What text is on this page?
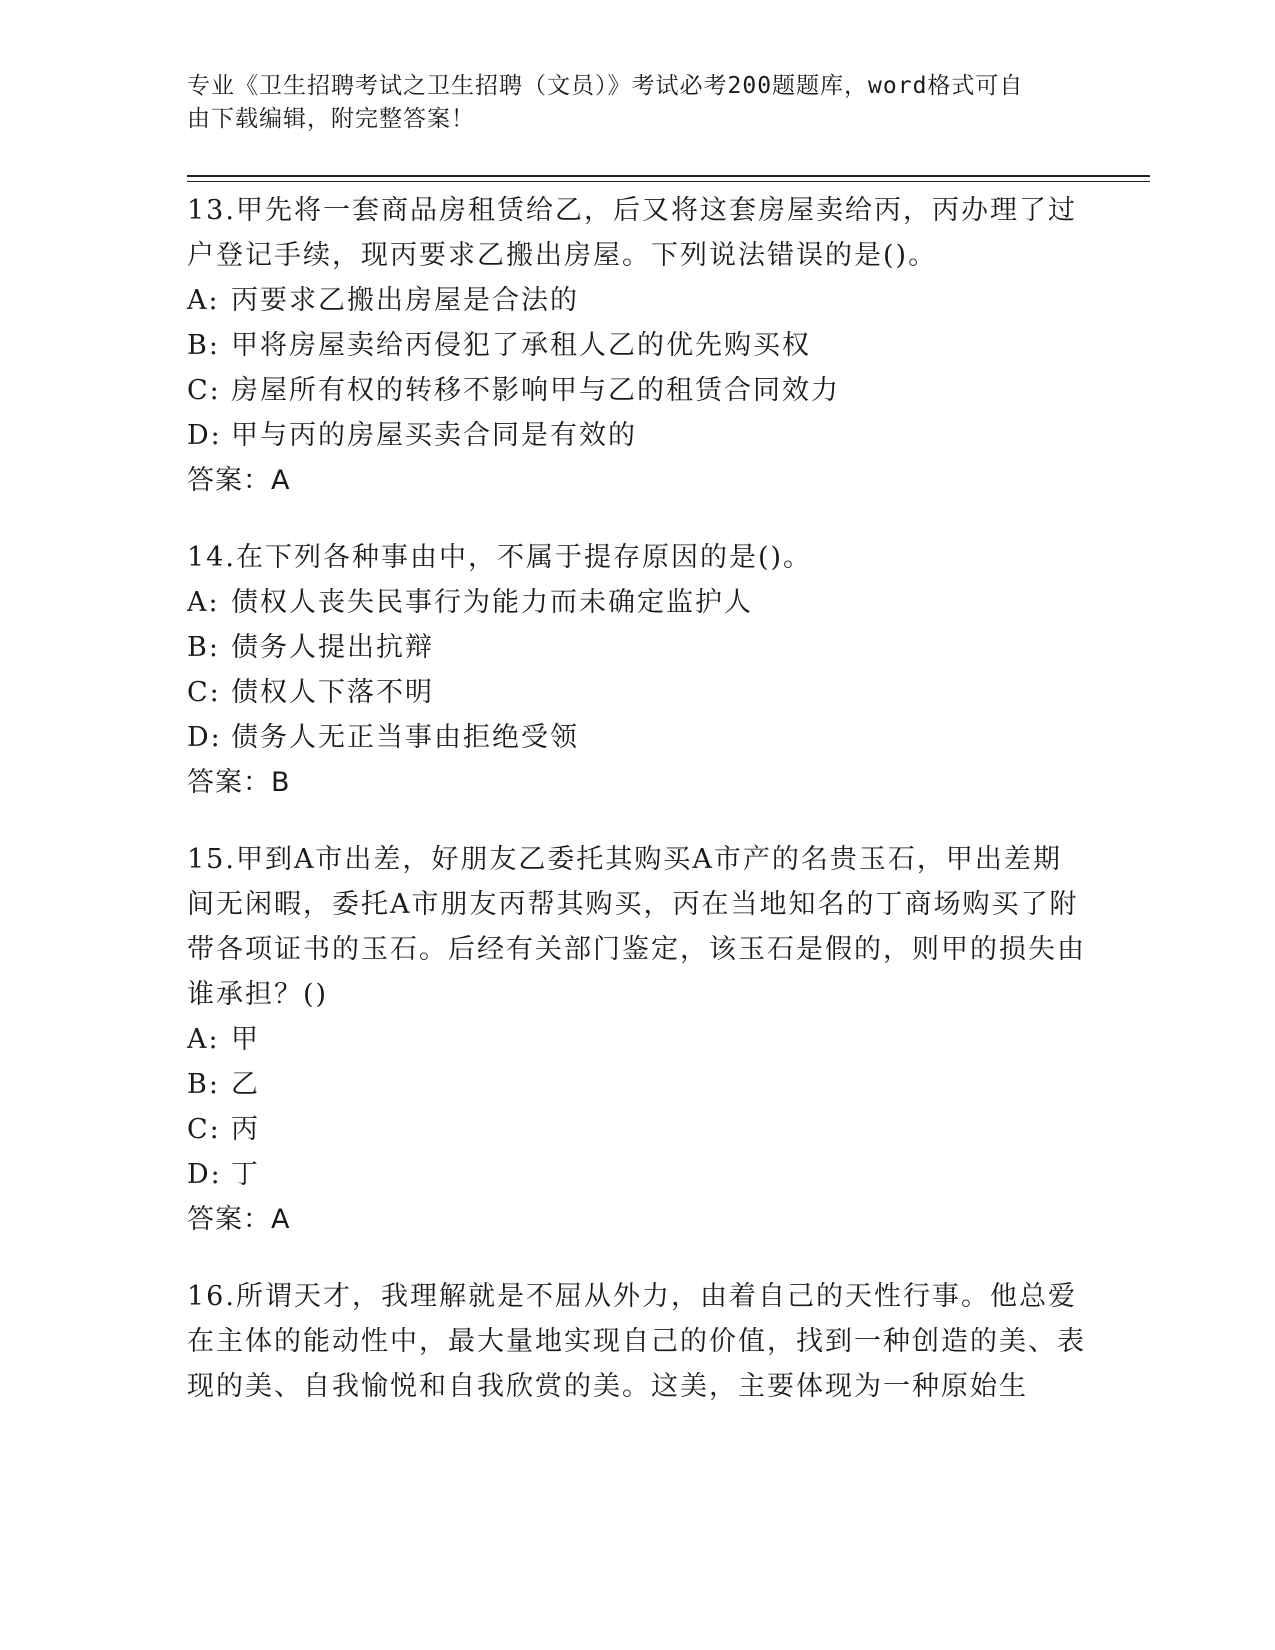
专业《卫生招聘考试之卫生招聘（文员）》考试必考200题题库，word格式可自
由下载编辑，附完整答案！

13.甲先将一套商品房租赁给乙，后又将这套房屋卖给丙，丙办理了过户登记手续，现丙要求乙搬出房屋。下列说法错误的是()。

A: 丙要求乙搬出房屋是合法的

B: 甲将房屋卖给丙侵犯了承租人乙的优先购买权

C: 房屋所有权的转移不影响甲与乙的租赁合同效力

D: 甲与丙的房屋买卖合同是有效的

答案：A

14.在下列各种事由中，不属于提存原因的是()。

A: 债权人丧失民事行为能力而未确定监护人

B: 债务人提出抗辩

C: 债权人下落不明

D: 债务人无正当事由拒绝受领

答案：B

15.甲到A市出差，好朋友乙委托其购买A市产的名贵玉石，甲出差期间无闲暇，委托A市朋友丙帮其购买，丙在当地知名的丁商场购买了附带各项证书的玉石。后经有关部门鉴定，该玉石是假的，则甲的损失由谁承担？()

A: 甲

B: 乙

C: 丙

D: 丁

答案：A

16.所谓天才，我理解就是不屈从外力，由着自己的天性行事。他总爱在主体的能动性中，最大量地实现自己的价值，找到一种创造的美、表现的美、自我愉悦和自我欣赏的美。这美，主要体现为一种原始生
